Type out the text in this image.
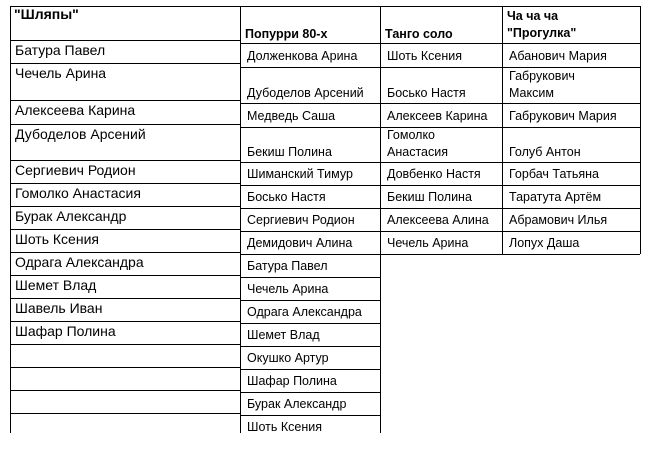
"Шляпы"
Попурри 80-х	Танго соло
Ча ча ча
"Прогулка"
Батура Павел
Чечель Арина
Алексеева Карина
Дубоделов Арсений
Сергиевич Родион
Гомолко Анастасия
Бурак Александр
Шоть Ксения
Одрага Александра
Шемет Влад
Шавель Иван
Шафар Полина
Долженкова Арина
Дубоделов Арсений
Медведь Саша
Бекиш Полина
Шиманский Тимур
Босько Настя
Сергиевич Родион
Демидович Алина
Батура Павел
Чечель Арина
Одрага Александра
Шемет Влад
Окушко Артур
Шафар Полина
Бурак Александр
Шоть Ксения
Шоть Ксения
Босько Настя
Алексеев Карина
Гомолко
Анастасия
Довбенко Настя
Бекиш Полина
Алексеева Алина
Чечель Арина
Абанович Мария
Габрукович
Максим
Габрукович Мария
Голуб Антон
Горбач Татьяна
Таратута Артём
Абрамович Илья
Лопух Даша
